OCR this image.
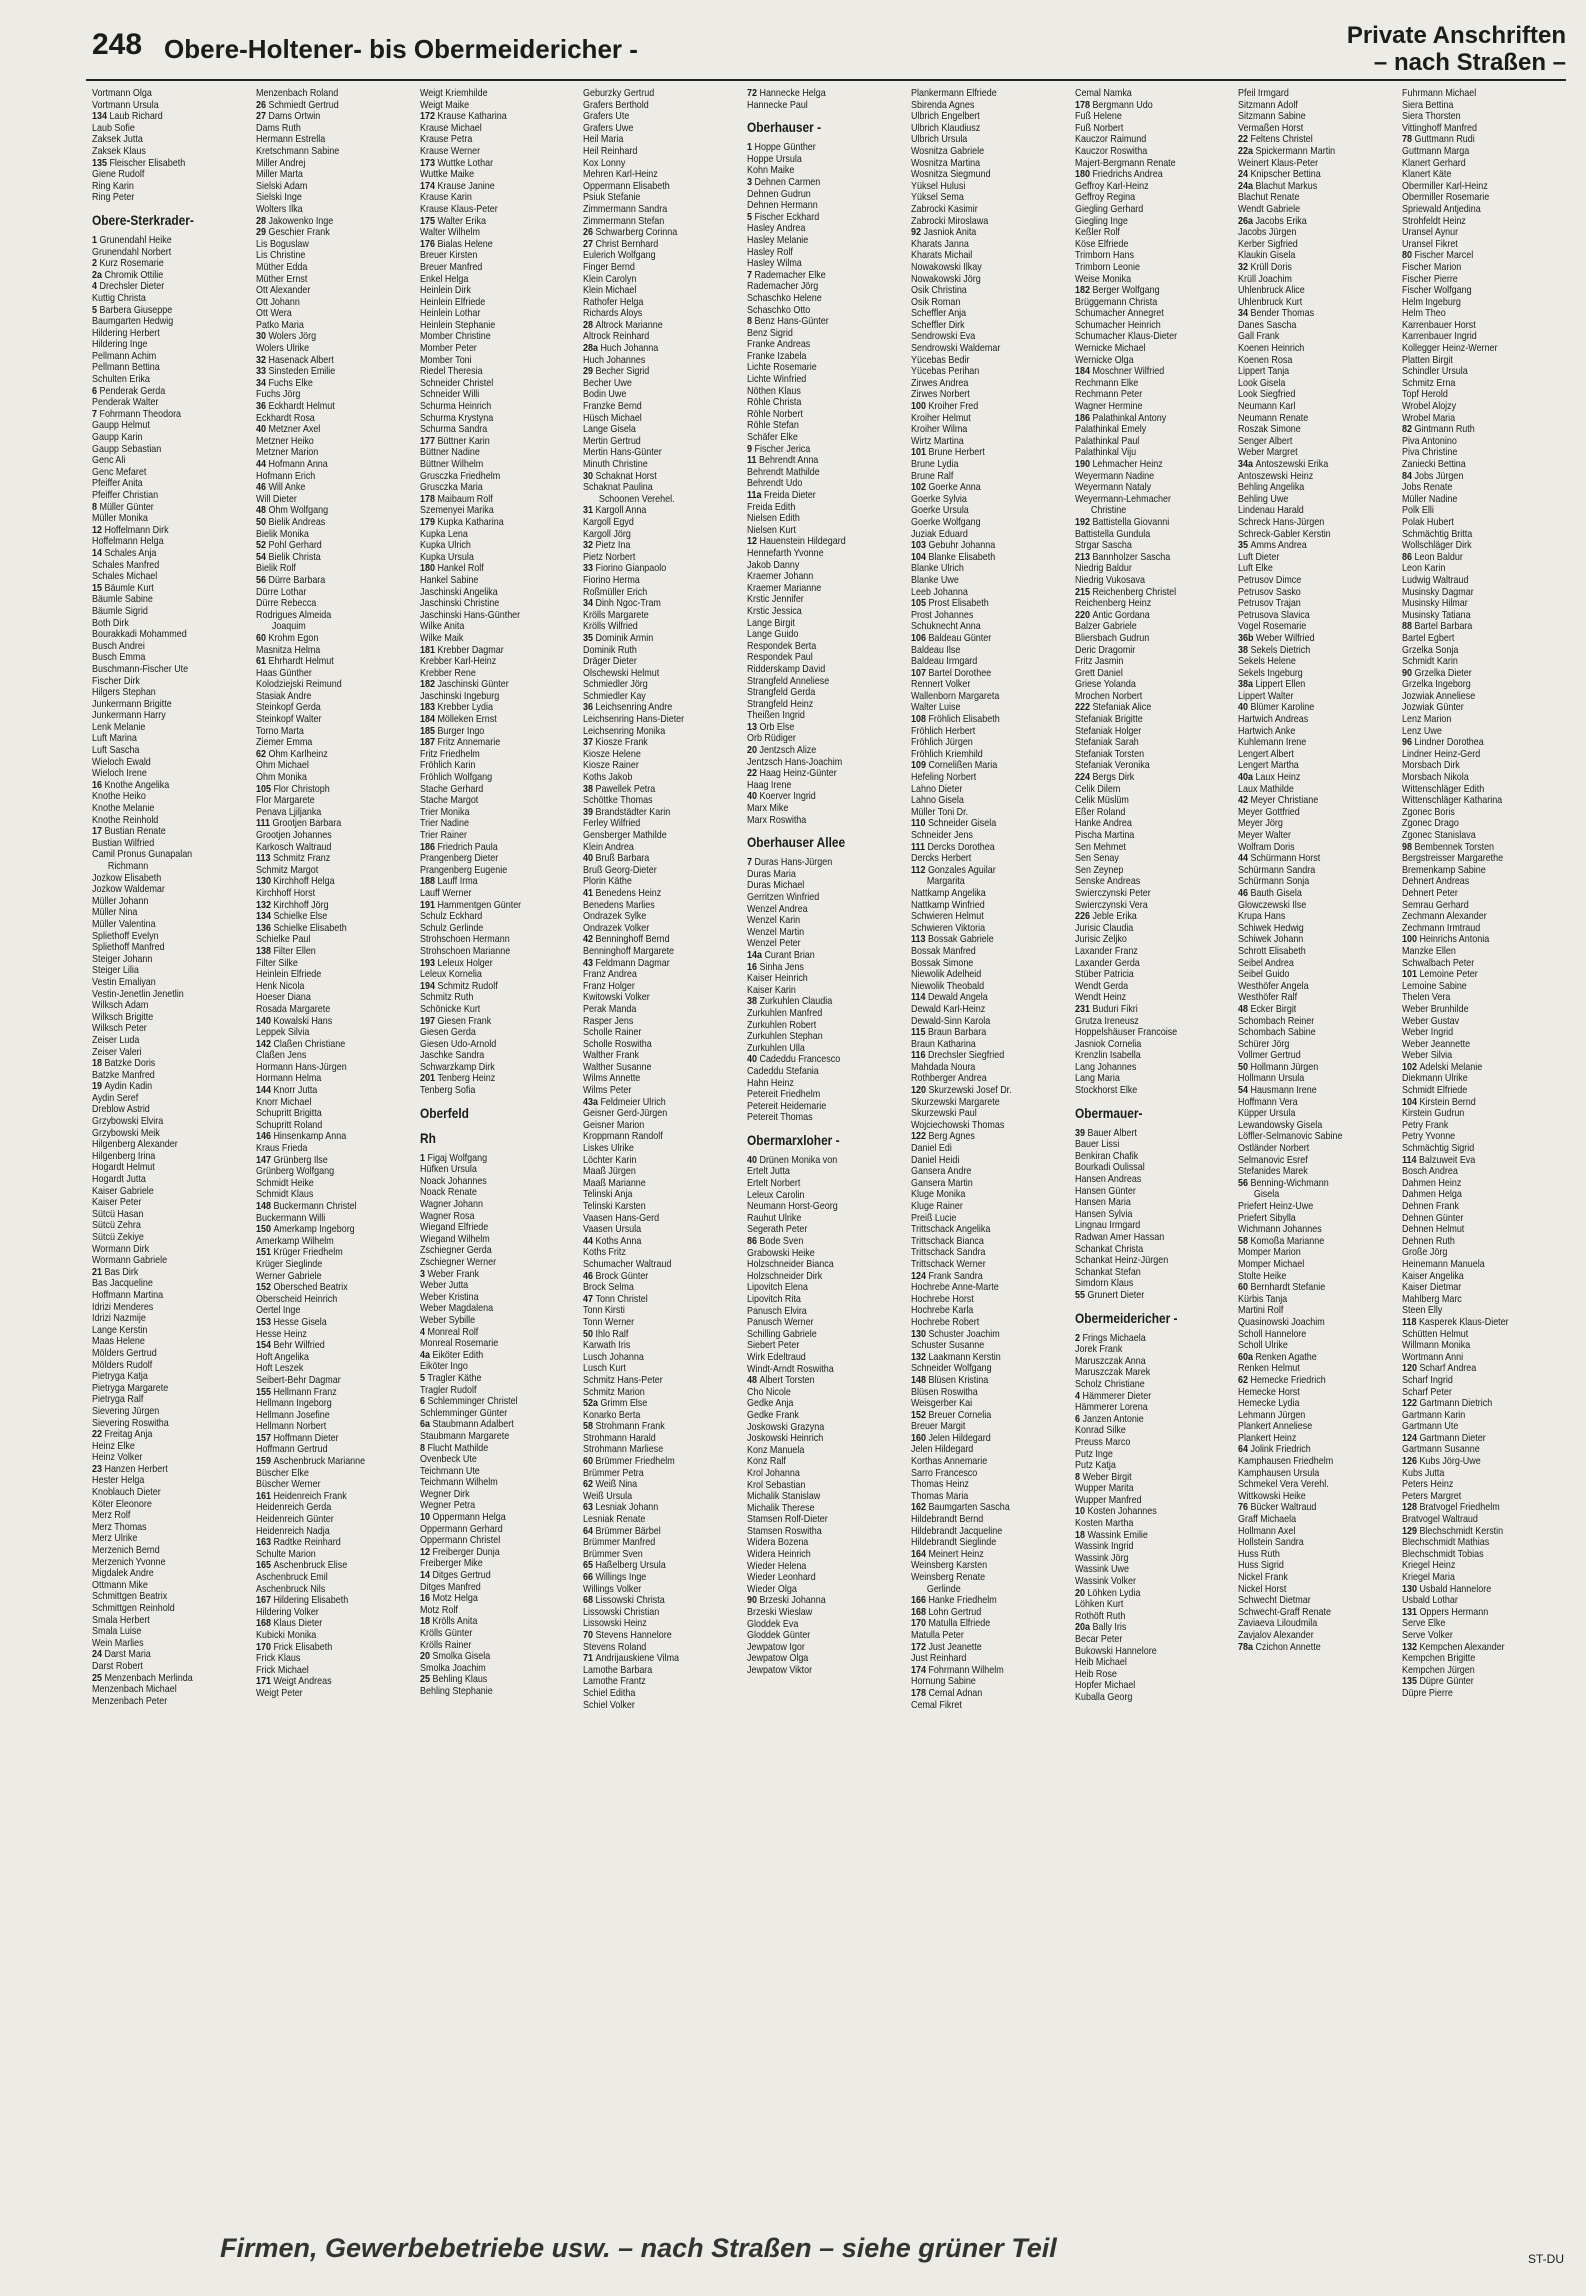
248 Obere-Holtener- bis Obermeidericher -	Private Anschriften
– nach Straßen –
Vortmann Olga
Vortmann Ursula
134 Laub Richard
Laub Sofie
Zaksek Jutta
Zaksek Klaus
135 Fleischer Elisabeth
Giene Rudolf
Ring Karin
Ring Peter
Obere-Sterkrader-
1 Grunendahl Heike
Grunendahl Norbert
2 Kurz Rosemarie
2a Chromik Ottilie
4 Drechsler Dieter
Kuttig Christa
5 Barbera Giuseppe
Baumgarten Hedwig
Hildering Herbert
Hildering Inge
Pellmann Achim
Pellmann Bettina
Schulten Erika
6 Penderak Gerda
Penderak Walter
7 Fohrmann Theodora
Gaupp Helmut
Gaupp Karin
Gaupp Sebastian
Genc Ali
Genc Mefaret
Pfeiffer Anita
Pfeiffer Christian
8 Müller Günter
Müller Monika
12 Hoffelmann Dirk
Hoffelmann Helga
14 Schales Anja
Schales Manfred
Schales Michael
15 Bäumle Kurt
Bäumle Sabine
Bäumle Sigrid
Both Dirk
Bourakkadi Mohammed
Busch Andrei
Busch Emma
Buschmann-Fischer Ute
Fischer Dirk
Hilgers Stephan
Junkermann Brigitte
Junkermann Harry
Lenk Melanie
Luft Marina
Luft Sascha
Wieloch Ewald
Wieloch Irene
16 Knothe Angelika
Knothe Heiko
Knothe Melanie
Knothe Reinhold
17 Bustian Renate
Bustian Wilfried
Camil Pronus Gunapalan
Richmann
Jozkow Elisabeth
Jozkow Waldemar
Müller Johann
Müller Nina
Müller Valentina
Spliethoff Evelyn
Spliethoff Manfred
Steiger Johann
Steiger Lilia
Vestin Emaliyan
Vestin-Jenetlin Jenetlin
Wilksch Adam
Wilksch Brigitte
Wilksch Peter
Zeiser Luda
Zeiser Valeri
18 Batzke Doris
Batzke Manfred
19 Aydin Kadin
Aydin Seref
Dreblow Astrid
Grzybowski Elvira
Grzybowski Meik
Hilgenberg Alexander
Hilgenberg Irina
Hogardt Helmut
Hogardt Jutta
Kaiser Gabriele
Kaiser Peter
Sütcü Hasan
Sütcü Zehra
Sütcü Zekiye
Wormann Dirk
Wormann Gabriele
21 Bas Dirk
Bas Jacqueline
Hoffmann Martina
Idrizi Menderes
Idrizi Nazmije
Lange Kerstin
Maas Helene
Mölders Gertrud
Mölders Rudolf
Pietryga Katja
Pietryga Margarete
Pietryga Ralf
Sievering Jürgen
Sievering Roswitha
22 Freitag Anja
Heinz Elke
Heinz Volker
23 Hanzen Herbert
Hester Helga
Knoblauch Dieter
Köter Eleonore
Merz Rolf
Merz Thomas
Merz Ulrike
Merzenich Bernd
Merzenich Yvonne
Migdalek Andre
Ottmann Mike
Schmittgen Beatrix
Schmittgen Reinhold
Smala Herbert
Smala Luise
Wein Marlies
24 Darst Maria
Darst Robert
25 Menzenbach Merlinda
Menzenbach Michael
Menzenbach Peter
Menzenbach Roland
26 Schmiedt Gertrud
27 Dams Ortwin
Dams Ruth
Hermann Estrella
Kretschmann Sabine
Miller Andrej
Miller Marta
Sielski Adam
Sielski Inge
Wolters Ilka
28 Jakowenko Inge
29 Geschier Frank
Lis Boguslaw
Lis Christine
Müther Edda
Müther Ernst
Ott Alexander
Ott Johann
Ott Wera
Patko Maria
30 Wolers Jörg
Wolers Ulrike
32 Hasenack Albert
33 Sinsteden Emilie
34 Fuchs Elke
Fuchs Jörg
36 Eckhardt Helmut
Eckhardt Rosa
40 Metzner Axel
Metzner Heiko
Metzner Marion
44 Hofmann Anna
Hofmann Erich
46 Will Anke
Will Dieter
48 Ohm Wolfgang
50 Bielik Andreas
Bielik Monika
52 Pohl Gerhard
54 Bielik Christa
Bielik Rolf
56 Dürre Barbara
Dürre Lothar
Dürre Rebecca
Rodrigues Almeida
Joaquim
60 Krohm Egon
Masnitza Helma
61 Ehrhardt Helmut
Haas Günther
Kolodziejski Reimund
Stasiak Andre
Steinkopf Gerda
Steinkopf Walter
Torno Marta
Ziemer Emma
62 Ohm Karlheinz
Ohm Michael
Ohm Monika
105 Flor Christoph
Flor Margarete
Penava Ljiljanka
111 Grootjen Barbara
Grootjen Johannes
Karkosch Waltraud
113 Schmitz Franz
Schmitz Margot
130 Kirchhoff Helga
Kirchhoff Horst
132 Kirchhoff Jörg
134 Schielke Else
136 Schielke Elisabeth
Schielke Paul
138 Filter Ellen
Filter Silke
Heinlein Elfriede
Henk Nicola
Hoeser Diana
Rosada Margarete
140 Kowalski Hans
Leppek Silvia
142 Claßen Christiane
Claßen Jens
Hormann Hans-Jürgen
Hormann Helma
144 Knorr Jutta
Knorr Michael
Schupritt Brigitta
Schupritt Roland
146 Hinsenkamp Anna
Kraus Frieda
147 Grünberg Ilse
Grünberg Wolfgang
Schmidt Heike
Schmidt Klaus
148 Buckermann Christel
Buckermann Willi
150 Amerkamp Ingeborg
Amerkamp Wilhelm
151 Krüger Friedhelm
Krüger Sieglinde
Werner Gabriele
152 Obersched Beatrix
Oberscheid Heinrich
Oertel Inge
153 Hesse Gisela
Hesse Heinz
154 Behr Wilfried
Hoft Angelika
Hoft Leszek
Seibert-Behr Dagmar
155 Hellmann Franz
Hellmann Ingeborg
Hellmann Josefine
Hellmann Norbert
157 Hoffmann Dieter
Hoffmann Gertrud
159 Aschenbruck Marianne
Büscher Elke
Büscher Werner
161 Heidenreich Frank
Heidenreich Gerda
Heidenreich Günter
Heidenreich Nadja
163 Radtke Reinhard
Schulte Marion
165 Aschenbruck Elise
Aschenbruck Emil
Aschenbruck Nils
167 Hildering Elisabeth
Hildering Volker
168 Klaus Dieter
Kubicki Monika
170 Frick Elisabeth
Frick Klaus
Frick Michael
171 Weigt Andreas
Weigt Peter
Weigt Kriemhilde
Weigt Maike
172 Krause Katharina
Krause Michael
Krause Petra
Krause Werner
173 Wuttke Lothar
Wuttke Maike
174 Krause Janine
Krause Karin
Krause Klaus-Peter
175 Walter Erika
Walter Wilhelm
176 Bialas Helene
Breuer Kirsten
Breuer Manfred
Enkel Helga
Heinlein Dirk
Heinlein Elfriede
Heinlein Lothar
Heinlein Stephanie
Momber Christine
Momber Peter
Momber Toni
Riedel Theresia
Schneider Christel
Schneider Willi
Schurma Heinrich
Schurma Krystyna
Schurma Sandra
177 Büttner Karin
Büttner Nadine
Büttner Wilhelm
Grusczka Friedhelm
Grusczka Maria
178 Maibaum Rolf
Szemenyei Marika
179 Kupka Katharina
Kupka Lena
Kupka Ulrich
Kupka Ursula
180 Hankel Rolf
Hankel Sabine
Jaschinski Angelika
Jaschinski Christine
Jaschinski Hans-Günther
Wilke Anita
Wilke Maik
181 Krebber Dagmar
Krebber Karl-Heinz
Krebber Rene
182 Jaschinski Günter
Jaschinski Ingeburg
183 Krebber Lydia
184 Mölleken Ernst
185 Burger Ingo
187 Fritz Annemarie
Fritz Friedhelm
Fröhlich Karin
Fröhlich Wolfgang
Stache Gerhard
Stache Margot
Trier Monika
Trier Nadine
Trier Rainer
186 Friedrich Paula
Prangenberg Dieter
Prangenberg Eugenie
188 Lauff Irma
Lauff Werner
191 Hammentgen Günter
Schulz Eckhard
Schulz Gerlinde
Strohschoen Hermann
Strohschoen Marianne
193 Leleux Holger
Leleux Kornelia
194 Schmitz Rudolf
Schmitz Ruth
Schönicke Kurt
197 Giesen Frank
Giesen Gerda
Giesen Udo-Arnold
Jaschke Sandra
Schwarzkamp Dirk
201 Tenberg Heinz
Tenberg Sofia
Oberfeld
Rh
1 Figaj Wolfgang
Hüfken Ursula
Noack Johannes
Noack Renate
Wagner Johann
Wagner Rosa
Wiegand Elfriede
Wiegand Wilhelm
Zschiegner Gerda
Zschiegner Werner
3 Weber Frank
Weber Jutta
Weber Kristina
Weber Magdalena
Weber Sybille
4 Monreal Rolf
Monreal Rosemarie
4a Eiköter Edith
Eiköter Ingo
5 Tragler Käthe
Tragler Rudolf
6 Schlemminger Christel
Schlemminger Günter
6a Staubmann Adalbert
Staubmann Margarete
8 Flucht Mathilde
Ovenbeck Ute
Teichmann Ute
Teichmann Wilhelm
Wegner Dirk
Wegner Petra
10 Oppermann Helga
Oppermann Gerhard
Oppermann Christel
12 Freiberger Dunja
Freiberger Mike
14 Ditges Gertrud
Ditges Manfred
16 Motz Helga
Motz Rolf
18 Krölls Anita
Krölls Günter
Krölls Rainer
20 Smolka Gisela
Smolka Joachim
25 Behling Klaus
Behling Stephanie
Geburzky Gertrud
Grafers Berthold
Grafers Ute
Grafers Uwe
Heil Maria
Heil Reinhard
Kox Lonny
Mehren Karl-Heinz
Oppermann Elisabeth
Psiuk Stefanie
Zimmermann Sandra
Zimmermann Stefan
26 Schwarberg Corinna
27 Christ Bernhard
Eulerich Wolfgang
Finger Bernd
Klein Carolyn
Klein Michael
Rathofer Helga
Richards Aloys
28 Altrock Marianne
Altrock Reinhard
28a Huch Johanna
Huch Johannes
29 Becher Sigrid
Becher Uwe
Bodin Uwe
Franzke Bernd
Hüsch Michael
Lange Gisela
Mertin Gertrud
Mertin Hans-Günter
Minuth Christine
30 Schaknat Horst
Schaknat Paulina
Schoonen Verehel.
31 Kargoll Anna
Kargoll Egyd
Kargoll Jörg
32 Pietz Ina
Pietz Norbert
33 Fiorino Gianpaolo
Fiorino Herma
Roßmüller Erich
34 Dinh Ngoc-Tram
Krölls Margarete
Krölls Wilfried
35 Dominik Armin
Dominik Ruth
Dräger Dieter
Olschewski Helmut
Schmiedler Jörg
Schmiedler Kay
36 Leichsenring Andre
Leichsenring Hans-Dieter
Leichsenring Monika
37 Kiosze Frank
Kiosze Helene
Kiosze Rainer
Koths Jakob
38 Pawellek Petra
Schöttke Thomas
39 Brandstädter Karin
Ferley Wilfried
Gensberger Mathilde
Klein Andrea
40 Bruß Barbara
Bruß Georg-Dieter
Plorin Käthe
41 Benedens Heinz
Benedens Marlies
Ondrazek Sylke
Ondrazek Volker
42 Benninghoff Bernd
Benninghoff Margarete
43 Feldmann Dagmar
Franz Andrea
Franz Holger
Kwitowski Volker
Perak Manda
Rasper Jens
Scholle Rainer
Scholle Roswitha
Walther Frank
Walther Susanne
Wilms Annette
Wilms Peter
43a Feldmeier Ulrich
Geisner Gerd-Jürgen
Geisner Marion
Kroppmann Randolf
Liskes Ulrike
Löchter Karin
Maaß Jürgen
Maaß Marianne
Telinski Anja
Telinski Karsten
Vaasen Hans-Gerd
Vaasen Ursula
44 Koths Anna
Koths Fritz
Schumacher Waltraud
46 Brock Günter
Brock Selma
47 Tonn Christel
Tonn Kirsti
Tonn Werner
50 Ihlo Ralf
Karwath Iris
Lusch Johanna
Lusch Kurt
Schmitz Hans-Peter
Schmitz Marion
52a Grimm Else
Konarko Berta
58 Strohmann Frank
Strohmann Harald
Strohmann Marliese
60 Brümmer Friedhelm
Brümmer Petra
62 Weiß Nina
Weiß Ursula
63 Lesniak Johann
Lesniak Renate
64 Brümmer Bärbel
Brümmer Manfred
Brümmer Sven
65 Haßelberg Ursula
66 Willings Inge
Willings Volker
68 Lissowski Christa
Lissowski Christian
Lissowski Heinz
70 Stevens Hannelore
Stevens Roland
71 Andrijauskiene Vilma
Lamothe Barbara
Lamothe Frantz
Schiel Editha
Schiel Volker
72 Hannecke Helga
Hannecke Paul
Oberhauser -
1 Hoppe Günther
Hoppe Ursula
Kohn Maike
3 Dehnen Carmen
Dehnen Gudrun
Dehnen Hermann
5 Fischer Eckhard
Hasley Andrea
Hasley Melanie
Hasley Rolf
Hasley Wilma
7 Rademacher Elke
Rademacher Jörg
Schaschko Helene
Schaschko Otto
8 Benz Hans-Günter
Benz Sigrid
Franke Andreas
Franke Izabela
Lichte Rosemarie
Lichte Winfried
Nöthen Klaus
Röhle Christa
Röhle Norbert
Röhle Stefan
Schäfer Elke
9 Fischer Jerica
11 Behrendt Anna
Behrendt Mathilde
Behrendt Udo
11a Freida Dieter
Freida Edith
Nielsen Edith
Nielsen Kurt
12 Hauenstein Hildegard
Hennefarth Yvonne
Jakob Danny
Kraemer Johann
Kraemer Marianne
Krstic Jennifer
Krstic Jessica
Lange Birgit
Lange Guido
Respondek Berta
Respondek Paul
Ridderskamp David
Strangfeld Anneliese
Strangfeld Gerda
Strangfeld Heinz
Theißen Ingrid
13 Orb Else
Orb Rüdiger
20 Jentzsch Alize
Jentzsch Hans-Joachim
22 Haag Heinz-Günter
Haag Irene
40 Koerver Ingrid
Marx Mike
Marx Roswitha
Oberhauser Allee
7 Duras Hans-Jürgen
Duras Maria
Duras Michael
Gerritzen Winfried
Wenzel Andrea
Wenzel Karin
Wenzel Martin
Wenzel Peter
14a Curant Brian
16 Sinha Jens
Kaiser Heinrich
Kaiser Karin
38 Zurkuhlen Claudia
Zurkuhlen Manfred
Zurkuhlen Robert
Zurkuhlen Stephan
Zurkuhlen Ulla
40 Cadeddu Francesco
Cadeddu Stefania
Hahn Heinz
Petereit Friedhelm
Petereit Heidemarie
Petereit Thomas
Obermarxloher -
40 Drünen Monika von
Ertelt Jutta
Ertelt Norbert
Leleux Carolin
Neumann Horst-Georg
Rauhut Ulrike
Segerath Peter
86 Bode Sven
Grabowski Heike
Holzschneider Bianca
Holzschneider Dirk
Lipovitch Elena
Lipovitch Rita
Panusch Elvira
Panusch Werner
Schilling Gabriele
Siebert Peter
Wirk Edeltraud
Windt-Arndt Roswitha
48 Albert Torsten
Cho Nicole
Gedke Anja
Gedke Frank
Joskowski Grazyna
Joskowski Heinrich
Konz Manuela
Konz Ralf
Krol Johanna
Krol Sebastian
Michalik Stanislaw
Michalik Therese
Stamsen Rolf-Dieter
Stamsen Roswitha
Widera Bozena
Widera Heinrich
Wieder Helena
Wieder Leonhard
Wieder Olga
90 Brzeski Johanna
Brzeski Wieslaw
Gloddek Eva
Gloddek Günter
Jewpatow Igor
Jewpatow Olga
Jewpatow Viktor
Plankermann Elfriede
Sbirenda Agnes
Ulbrich Engelbert
Ulbrich Klaudiusz
Ulbrich Ursula
Wosnitza Gabriele
Wosnitza Martina
Wosnitza Siegmund
Yüksel Hulusi
Yüksel Sema
Zabrocki Kasimir
Zabrocki Miroslawa
92 Jasniok Anita
Kharats Janna
Kharats Michail
Nowakowski Ilkay
Nowakowski Jörg
Osik Christina
Osik Roman
Scheffler Anja
Scheffler Dirk
Sendrowski Eva
Sendrowski Waldemar
Yücebas Bedir
Yücebas Perihan
Zirwes Andrea
Zirwes Norbert
100 Kroiher Fred
Kroiher Helmut
Kroiher Wilma
Wirtz Martina
101 Brune Herbert
Brune Lydia
Brune Ralf
102 Goerke Anna
Goerke Sylvia
Goerke Ursula
Goerke Wolfgang
Juziak Eduard
103 Gebuhr Johanna
104 Blanke Elisabeth
Blanke Ulrich
Blanke Uwe
Leeb Johanna
105 Prost Elisabeth
Prost Johannes
Schuknecht Anna
106 Baldeau Günter
Baldeau Ilse
Baldeau Irmgard
107 Bartel Dorothee
Rennert Volker
Wallenborn Margareta
Walter Luise
108 Fröhlich Elisabeth
Fröhlich Herbert
Fröhlich Jürgen
Fröhlich Kriemhild
109 Cornelißen Maria
Hefeling Norbert
Lahno Dieter
Lahno Gisela
Müller Toni Dr.
110 Schneider Gisela
Schneider Jens
111 Dercks Dorothea
Dercks Herbert
112 Gonzales Aguilar
Margarita
Nattkamp Angelika
Nattkamp Winfried
Schwieren Helmut
Schwieren Viktoria
113 Bossak Gabriele
Bossak Manfred
Bossak Simone
Niewolik Adelheid
Niewolik Theobald
114 Dewald Angela
Dewald Karl-Heinz
Dewald-Sinn Karola
115 Braun Barbara
Braun Katharina
116 Drechsler Siegfried
Mahdada Noura
Rothberger Andrea
120 Skurzewski Josef Dr.
Skurzewski Margarete
Skurzewski Paul
Wojciechowski Thomas
122 Berg Agnes
Daniel Edi
Daniel Heidi
Gansera Andre
Gansera Martin
Kluge Monika
Kluge Rainer
Preiß Lucie
Trittschack Angelika
Trittschack Bianca
Trittschack Sandra
Trittschack Werner
124 Frank Sandra
Hochrebe Anne-Marte
Hochrebe Horst
Hochrebe Karla
Hochrebe Robert
130 Schuster Joachim
Schuster Susanne
132 Laakmann Kerstin
Schneider Wolfgang
148 Blüsen Kristina
Blüsen Roswitha
Weisgerber Kai
152 Breuer Cornelia
Breuer Margit
160 Jelen Hildegard
Jelen Hildegard
Korthas Annemarie
Sarro Francesco
Thomas Heinz
Thomas Maria
162 Baumgarten Sascha
Hildebrandt Bernd
Hildebrandt Jacqueline
Hildebrandt Sieglinde
164 Meinert Heinz
Weinsberg Karsten
Weinsberg Renate
Gerlinde
166 Hanke Friedhelm
168 Lohn Gertrud
170 Matulla Elfriede
Matulla Peter
172 Just Jeanette
Just Reinhard
174 Fohrmann Wilhelm
Hornung Sabine
178 Cemal Adnan
Cemal Fikret
Cemal Namka
178 Bergmann Udo
Fuß Helene
Fuß Norbert
Kauczor Raimund
Kauczor Roswitha
Majert-Bergmann Renate
180 Friedrichs Andrea
Geffroy Karl-Heinz
Geffroy Regina
Giegling Gerhard
Giegling Inge
Keßler Rolf
Köse Elfriede
Trimborn Hans
Trimborn Leonie
Weise Monika
182 Berger Wolfgang
Brüggemann Christa
Schumacher Annegret
Schumacher Heinrich
Schumacher Klaus-Dieter
Wernicke Michael
Wernicke Olga
184 Moschner Wilfried
Rechmann Elke
Rechmann Peter
Wagner Hermine
186 Palathinkal Antony
Palathinkal Emely
Palathinkal Paul
Palathinkal Viju
190 Lehmacher Heinz
Weyermann Nadine
Weyermann Nataly
Weyermann-Lehmacher
Christine
192 Battistella Giovanni
Battistella Gundula
Strgar Sascha
213 Bannholzer Sascha
Niedrig Baldur
Niedrig Vukosava
215 Reichenberg Christel
Reichenberg Heinz
220 Antic Gordana
Balzer Gabriele
Bliersbach Gudrun
Deric Dragomir
Fritz Jasmin
Grett Daniel
Griese Yolanda
Mrochen Norbert
222 Stefaniak Alice
Stefaniak Brigitte
Stefaniak Holger
Stefaniak Sarah
Stefaniak Torsten
Stefaniak Veronika
224 Bergs Dirk
Celik Dilem
Celik Müslüm
Eßer Roland
Hanke Andrea
Pischa Martina
Sen Mehmet
Sen Senay
Sen Zeynep
Senske Andreas
Swierczynski Peter
Swierczynski Vera
226 Jeble Erika
Jurisic Claudia
Jurisic Zeljko
Laxander Franz
Laxander Gerda
Stüber Patricia
Wendt Gerda
Wendt Heinz
231 Buduri Fikri
Grutza Ireneusz
Hoppelshäuser Francoise
Jasniok Cornelia
Krenzlin Isabella
Lang Johannes
Lang Maria
Stockhorst Elke
Obermauer-
39 Bauer Albert
Bauer Lissi
Benkiran Chafik
Bourkadi Oulissal
Hansen Andreas
Hansen Günter
Hansen Maria
Hansen Sylvia
Lingnau Irmgard
Radwan Amer Hassan
Schankat Christa
Schankat Heinz-Jürgen
Schankat Stefan
Simdorn Klaus
55 Grunert Dieter
Obermeidericher -
2 Frings Michaela
Jorek Frank
Maruszczak Anna
Maruszczak Marek
Scholz Christiane
4 Hämmerer Dieter
Hämmerer Lorena
6 Janzen Antonie
Konrad Silke
Preuss Marco
Putz Inge
Putz Katja
8 Weber Birgit
Wupper Marita
Wupper Manfred
10 Kosten Johannes
Kosten Martha
18 Wassink Emilie
Wassink Ingrid
Wassink Jörg
Wassink Uwe
Wassink Volker
20 Löhken Lydia
Löhken Kurt
Rothöft Ruth
20a Bally Iris
Becar Peter
Bukowski Hannelore
Heib Michael
Heib Rose
Hopfer Michael
Kuballa Georg
Pfeil Irmgard
Sitzmann Adolf
Sitzmann Sabine
Vermaßen Horst
22 Feltens Christel
22a Spickermann Martin
Weinert Klaus-Peter
24 Knipscher Bettina
24a Blachut Markus
Blachut Renate
Wendt Gabriele
26a Jacobs Erika
Jacobs Jürgen
Kerber Sigfried
Klaukin Gisela
32 Krüll Doris
Krüll Joachim
Uhlenbruck Alice
Uhlenbruck Kurt
34 Bender Thomas
Danes Sascha
Gall Frank
Koenen Heinrich
Koenen Rosa
Lippert Tanja
Look Gisela
Look Siegfried
Neumann Karl
Neumann Renate
Roszak Simone
Senger Albert
Weber Margret
34a Antoszewski Erika
Antoszewski Heinz
Behling Angelika
Behling Uwe
Lindenau Harald
Schreck Hans-Jürgen
Schreck-Gabler Kerstin
35 Amms Andrea
Luft Dieter
Luft Elke
Petrusov Dimce
Petrusov Sasko
Petrusov Trajan
Petrusova Slavica
Vogel Rosemarie
36b Weber Wilfried
38 Sekels Dietrich
Sekels Helene
Sekels Ingeburg
38a Lippert Ellen
Lippert Walter
40 Blümer Karoline
Hartwich Andreas
Hartwich Anke
Kuhlemann Irene
Lengert Albert
Lengert Martha
40a Laux Heinz
Laux Mathilde
42 Meyer Christiane
Meyer Gottfried
Meyer Jörg
Meyer Walter
Wolfram Doris
44 Schürmann Horst
Schürmann Sandra
Schürmann Sonja
46 Bauth Gisela
Glowczewski Ilse
Krupa Hans
Schiwek Hedwig
Schiwek Johann
Schrott Elisabeth
Seibel Andrea
Seibel Guido
Westhöfer Angela
Westhöfer Ralf
48 Ecker Birgit
Schombach Reiner
Schombach Sabine
Schürer Jörg
Vollmer Gertrud
50 Hollmann Jürgen
Hollmann Ursula
54 Hausmann Irene
Hoffmann Vera
Küpper Ursula
Lewandowsky Gisela
Löffler-Selmanovic Sabine
Ostländer Norbert
Selmanovic Esref
Stefanides Marek
56 Benning-Wichmann
Gisela
Priefert Heinz-Uwe
Priefert Sibylla
Wichmann Johannes
58 Komoßa Marianne
Momper Marion
Momper Michael
Stolte Heike
60 Bernhardt Stefanie
Kürbis Tanja
Martini Rolf
Quasinowski Joachim
Scholl Hannelore
Scholl Ulrike
60a Renken Agathe
Renken Helmut
62 Hemecke Friedrich
Hemecke Horst
Hemecke Lydia
Lehmann Jürgen
Plankert Anneliese
Plankert Heinz
64 Jolink Friedrich
Kamphausen Friedhelm
Kamphausen Ursula
Schmekel Vera Verehl.
Wittkowski Heike
76 Bücker Waltraud
Graff Michaela
Hollmann Axel
Hollstein Sandra
Huss Ruth
Huss Sigrid
Nickel Frank
Nickel Horst
Schwecht Dietmar
Schwecht-Graff Renate
Zaviaeva Liloudmila
Zavjalov Alexander
78a Czichon Annette
Fuhrmann Michael
Siera Bettina
Siera Thorsten
Vittinghoff Manfred
78 Guttmann Rudi
Guttmann Marga
Klanert Gerhard
Klanert Käte
Obermiller Karl-Heinz
Obermiller Rosemarie
Spriewald Antjedina
Strohfeldt Heinz
Uransel Aynur
Uransel Fikret
80 Fischer Marcel
Fischer Marion
Fischer Pierre
Fischer Wolfgang
Helm Ingeburg
Helm Theo
Karrenbauer Horst
Karrenbauer Ingrid
Kollegger Heinz-Werner
Platten Birgit
Schindler Ursula
Schmitz Erna
Topf Herold
Wrobel Alojzy
Wrobel Maria
82 Gintmann Ruth
Piva Antonino
Piva Christine
Zaniecki Bettina
84 Jobs Jürgen
Jobs Renate
Müller Nadine
Polk Elli
Polak Hubert
Schmächtig Britta
Wollschläger Dirk
86 Leon Baldur
Leon Karin
Ludwig Waltraud
Musinsky Dagmar
Musinsky Hilmar
Musinsky Tatiana
88 Bartel Barbara
Bartel Egbert
Grzelka Sonja
Schmidt Karin
90 Grzelka Dieter
Grzelka Ingeborg
Jozwiak Anneliese
Jozwiak Günter
Lenz Marion
Lenz Uwe
96 Lindner Dorothea
Lindner Heinz-Gerd
Morsbach Dirk
Morsbach Nikola
Wittenschläger Edith
Wittenschläger Katharina
Zgonec Boris
Zgonec Drago
Zgonec Stanislava
98 Bembennek Torsten
Bergstreisser Margarethe
Bremenkamp Sabine
Dehnert Andreas
Dehnert Peter
Semrau Gerhard
Zechmann Alexander
Zechmann Irmtraud
100 Heinrichs Antonia
Manzke Ellen
Schwalbach Peter
101 Lemoine Peter
Lemoine Sabine
Thelen Vera
Weber Brunhilde
Weber Gustav
Weber Ingrid
Weber Jeannette
Weber Silvia
102 Adelski Melanie
Diekmann Ulrike
Schmidt Elfriede
104 Kirstein Bernd
Kirstein Gudrun
Petry Frank
Petry Yvonne
Schmächtig Sigrid
114 Balzuweit Eva
Bosch Andrea
Dahmen Heinz
Dahmen Helga
Dehnen Frank
Dehnen Günter
Dehnen Helmut
Dehnen Ruth
Große Jörg
Heinemann Manuela
Kaiser Angelika
Kaiser Dietmar
Mahlberg Marc
Steen Elly
118 Kasperek Klaus-Dieter
Schütten Helmut
Willmann Monika
Wortmann Anni
120 Scharf Andrea
Scharf Ingrid
Scharf Peter
122 Gartmann Dietrich
Gartmann Karin
Gartmann Ute
124 Gartmann Dieter
Gartmann Susanne
126 Kubs Jörg-Uwe
Kubs Jutta
Peters Heinz
Peters Margret
128 Bratvogel Friedhelm
Bratvogel Waltraud
129 Blechschmidt Kerstin
Blechschmidt Mathias
Blechschmidt Tobias
Kriegel Heinz
Kriegel Maria
130 Usbald Hannelore
Usbald Lothar
131 Oppers Hermann
Serve Elke
Serve Volker
132 Kempchen Alexander
Kempchen Brigitte
Kempchen Jürgen
135 Düpre Günter
Düpre Pierre
Firmen, Gewerbebetriebe usw. – nach Straßen – siehe grüner Teil	ST-DU
